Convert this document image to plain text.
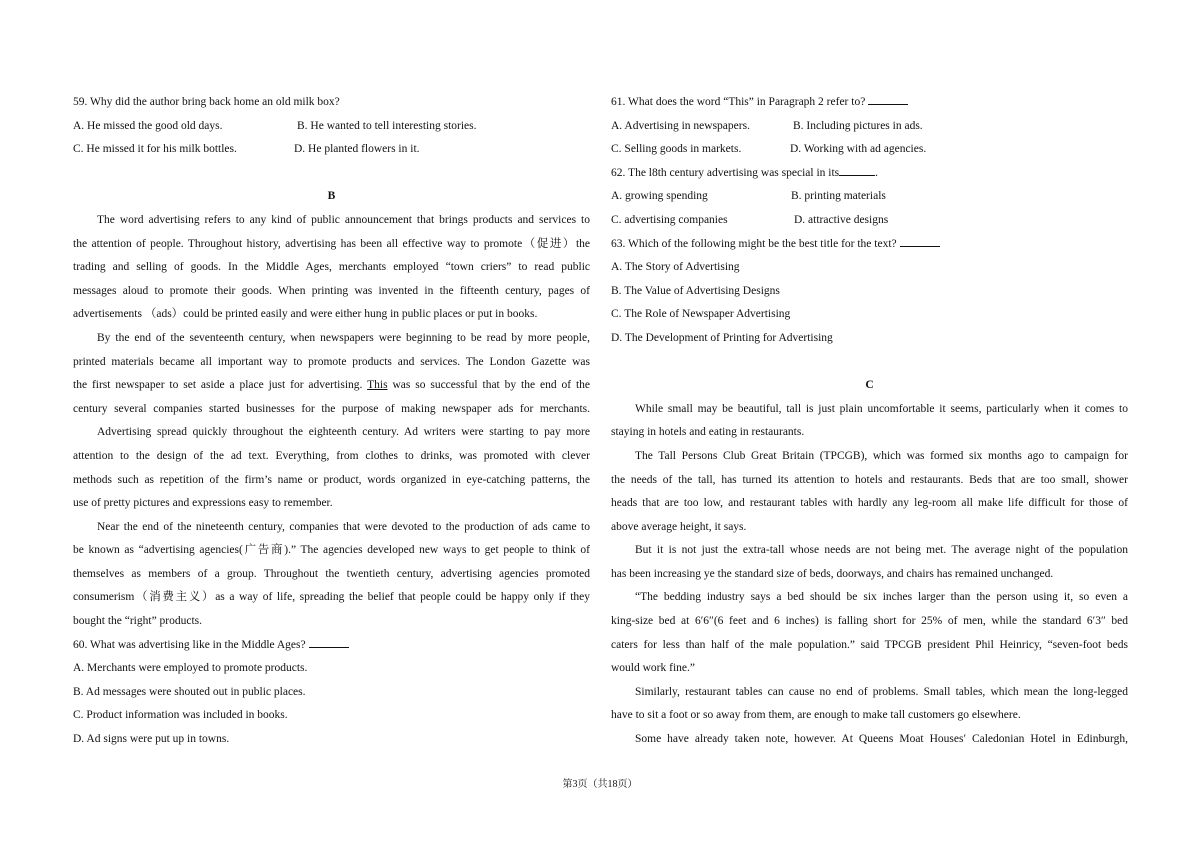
59. Why did the author bring back home an old milk box?
A. He missed the good old days.	B. He wanted to tell interesting stories.
C. He missed it for his milk bottles.	D. He planted flowers in it.
B
The word advertising refers to any kind of public announcement that brings products and services to
the attention of people. Throughout history, advertising has been all effective way to promote（促进）the
trading and selling of goods. In the Middle Ages, merchants employed “town criers” to read public
messages aloud to promote their goods. When printing was invented in the fifteenth century, pages of
advertisements （ads）could be printed easily and were either hung in public places or put in books.
By the end of the seventeenth century, when newspapers were beginning to be read by more people,
printed materials became all important way to promote products and services. The London Gazette was
the first newspaper to set aside a place just for advertising. This was so successful that by the end of the
century several companies started businesses for the purpose of making newspaper ads for merchants.
Advertising spread quickly throughout the eighteenth century. Ad writers were starting to pay more
attention to the design of the ad text. Everything, from clothes to drinks, was promoted with clever
methods such as repetition of the firm’s name or product, words organized in eye-catching patterns, the
use of pretty pictures and expressions easy to remember.
Near the end of the nineteenth century, companies that were devoted to the production of ads came to
be known as “advertising agencies(广告商).” The agencies developed new ways to get people to think of
themselves as members of a group. Throughout the twentieth century, advertising agencies promoted
consumerism（消费主义）as a way of life, spreading the belief that people could be happy only if they
bought the “right” products.
60. What was advertising like in the Middle Ages?
A. Merchants were employed to promote products.
B. Ad messages were shouted out in public places.
C. Product information was included in books.
D. Ad signs were put up in towns.
61. What does the word “This” in Paragraph 2 refer to?
A. Advertising in newspapers.	B. Including pictures in ads.
C. Selling goods in markets.	D. Working with ad agencies.
62. The l8th century advertising was special in its	.
A. growing spending	B. printing materials
C. advertising companies	D. attractive designs
63. Which of the following might be the best title for the text?
A. The Story of Advertising
B. The Value of Advertising Designs
C. The Role of Newspaper Advertising
D. The Development of Printing for Advertising
C
While small may be beautiful, tall is just plain uncomfortable it seems, particularly when it comes to
staying in hotels and eating in restaurants.
The Tall Persons Club Great Britain (TPCGB), which was formed six months ago to campaign for
the needs of the tall, has turned its attention to hotels and restaurants. Beds that are too small, shower
heads that are too low, and restaurant tables with hardly any leg-room all make life difficult for those of
above average height, it says.
But it is not just the extra-tall whose needs are not being met. The average night of the population
has been increasing ye the standard size of beds, doorways, and chairs has remained unchanged.
“The bedding industry says a bed should be six inches larger than the person using it, so even a
king-size bed at 6′6″(6 feet and 6 inches) is falling short for 25% of men, while the standard 6′3″ bed
caters for less than half of the male population.” said TPCGB president Phil Heinricy, “seven-foot beds
would work fine.”
Similarly, restaurant tables can cause no end of problems. Small tables, which mean the long-legged
have to sit a foot or so away from them, are enough to make tall customers go elsewhere.
Some have already taken note, however. At Queens Moat Houses′ Caledonian Hotel in Edinburgh,
第3页（共18页）
